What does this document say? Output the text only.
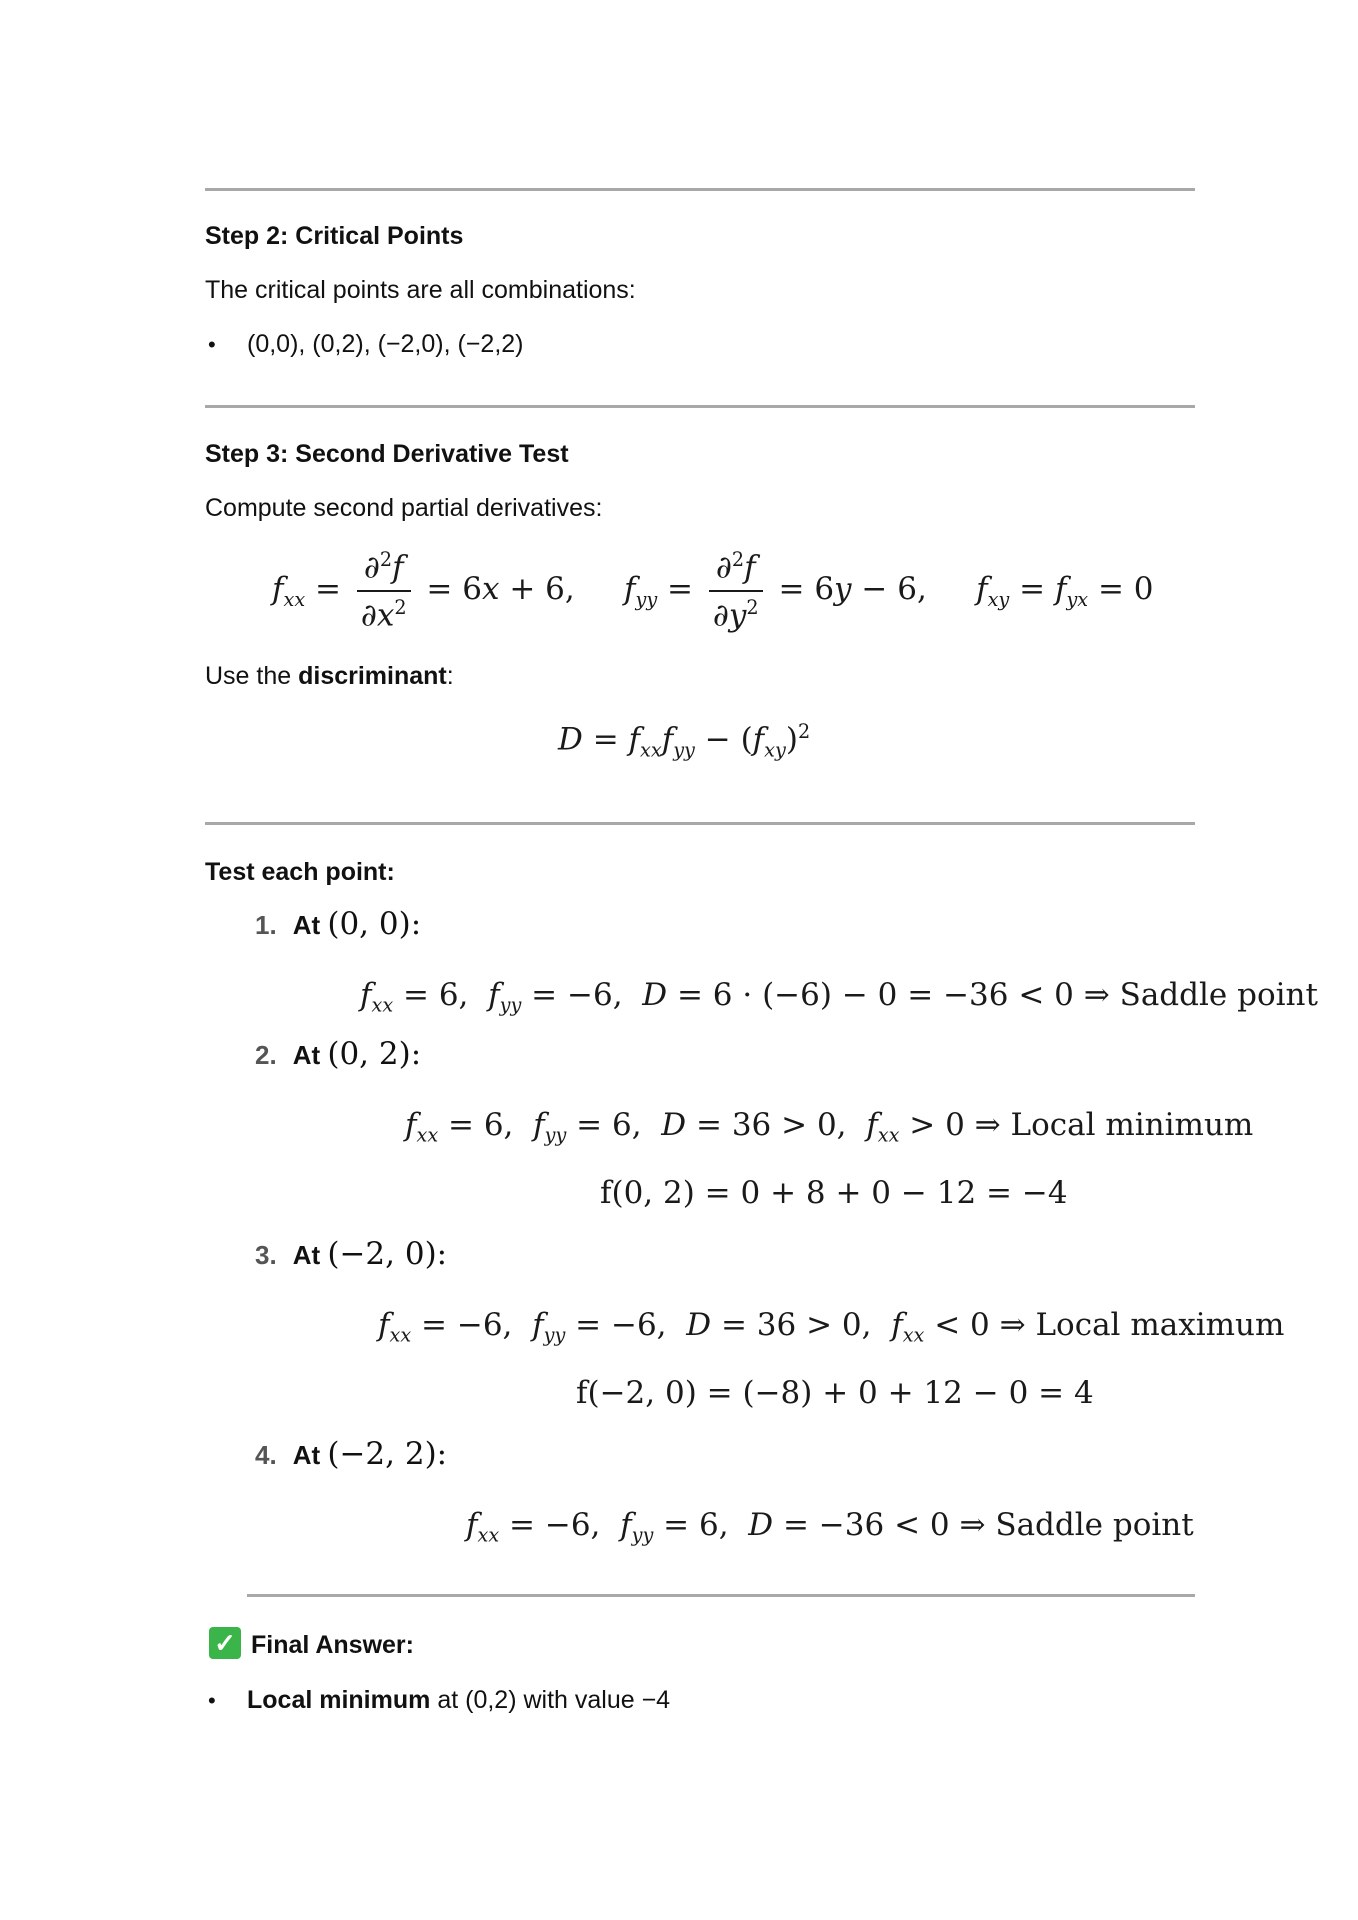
Step 2: Critical Points
The critical points are all combinations:
• (0,0), (0,2), (−2,0), (−2,2)
Step 3: Second Derivative Test
Compute second partial derivatives:
$f_{xx} = \frac{\partial^2f}{\partial x^2} = 6x + 6$,     $f_{yy} = \frac{\partial^2f}{\partial y^2} = 6y - 6$,     $f_{xy} = f_{yx} = 0$
Use the discriminant:
$D = f_{xx}f_{yy} - (f_{xy})^2$
Test each point:
1. At (0, 0):
$f_{xx} = 6$,  $f_{yy} = -6$,  D = 6 · (−6) − 0 = −36 < 0 ⇒ Saddle point
2. At (0, 2):
$f_{xx} = 6$,  $f_{yy} = 6$,  D = 36 > 0,  $f_{xx} > 0$ ⇒ Local minimum
f(0, 2) = 0 + 8 + 0 − 12 = −4
3. At (−2, 0):
$f_{xx} = -6$,  $f_{yy} = -6$,  D = 36 > 0,  $f_{xx} < 0$ ⇒ Local maximum
f(−2, 0) = (−8) + 0 + 12 − 0 = 4
4. At (−2, 2):
$f_{xx} = -6$,  $f_{yy} = 6$,  D = −36 < 0 ⇒ Saddle point
✓ Final Answer:
• Local minimum at (0,2) with value −4
